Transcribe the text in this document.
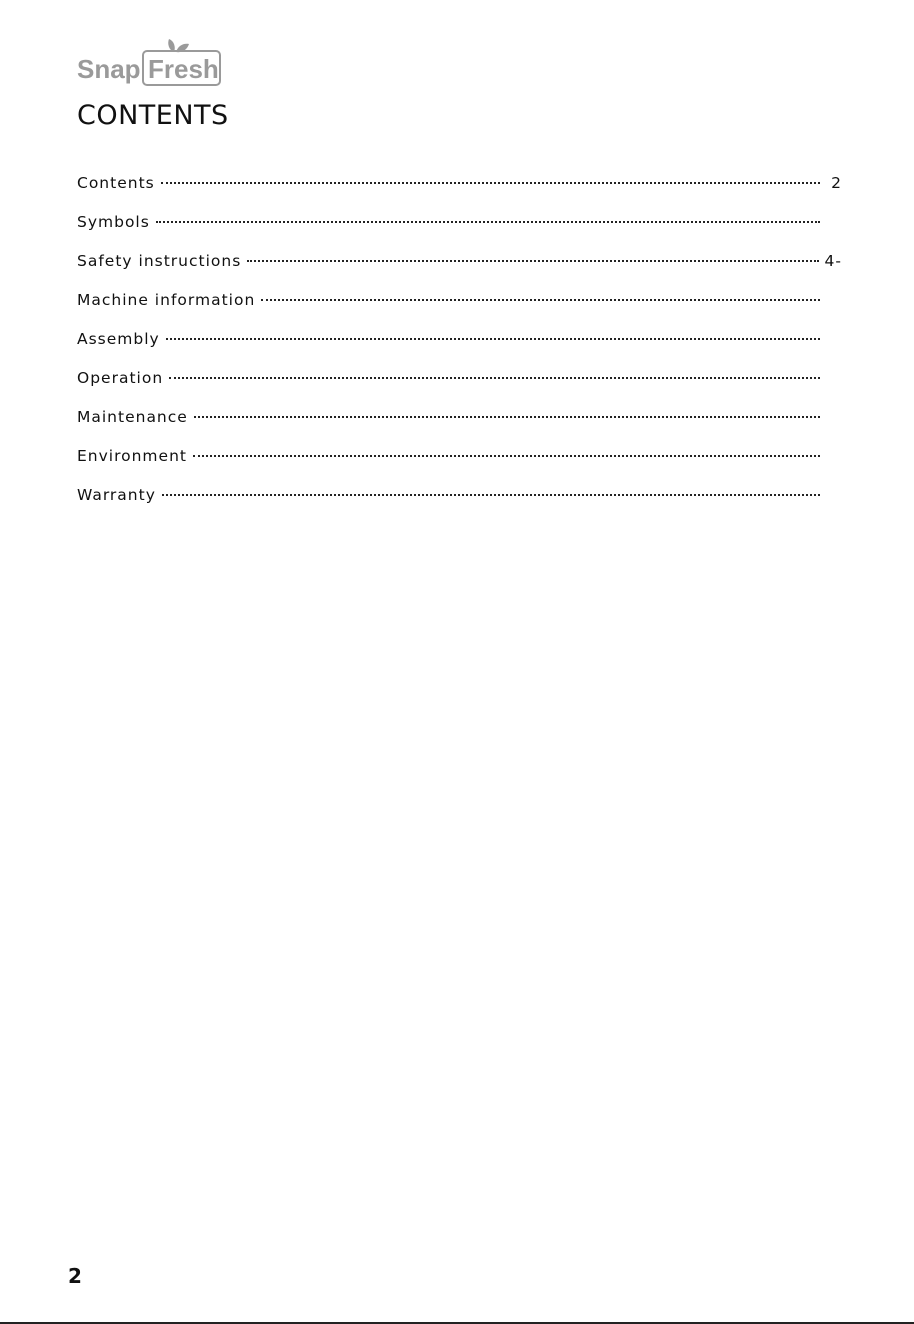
Snap Fresh
CONTENTS
Contents	2
Symbols
Safety instructions	4-
Machine information
Assembly
Operation
Maintenance
Environment
Warranty
2
